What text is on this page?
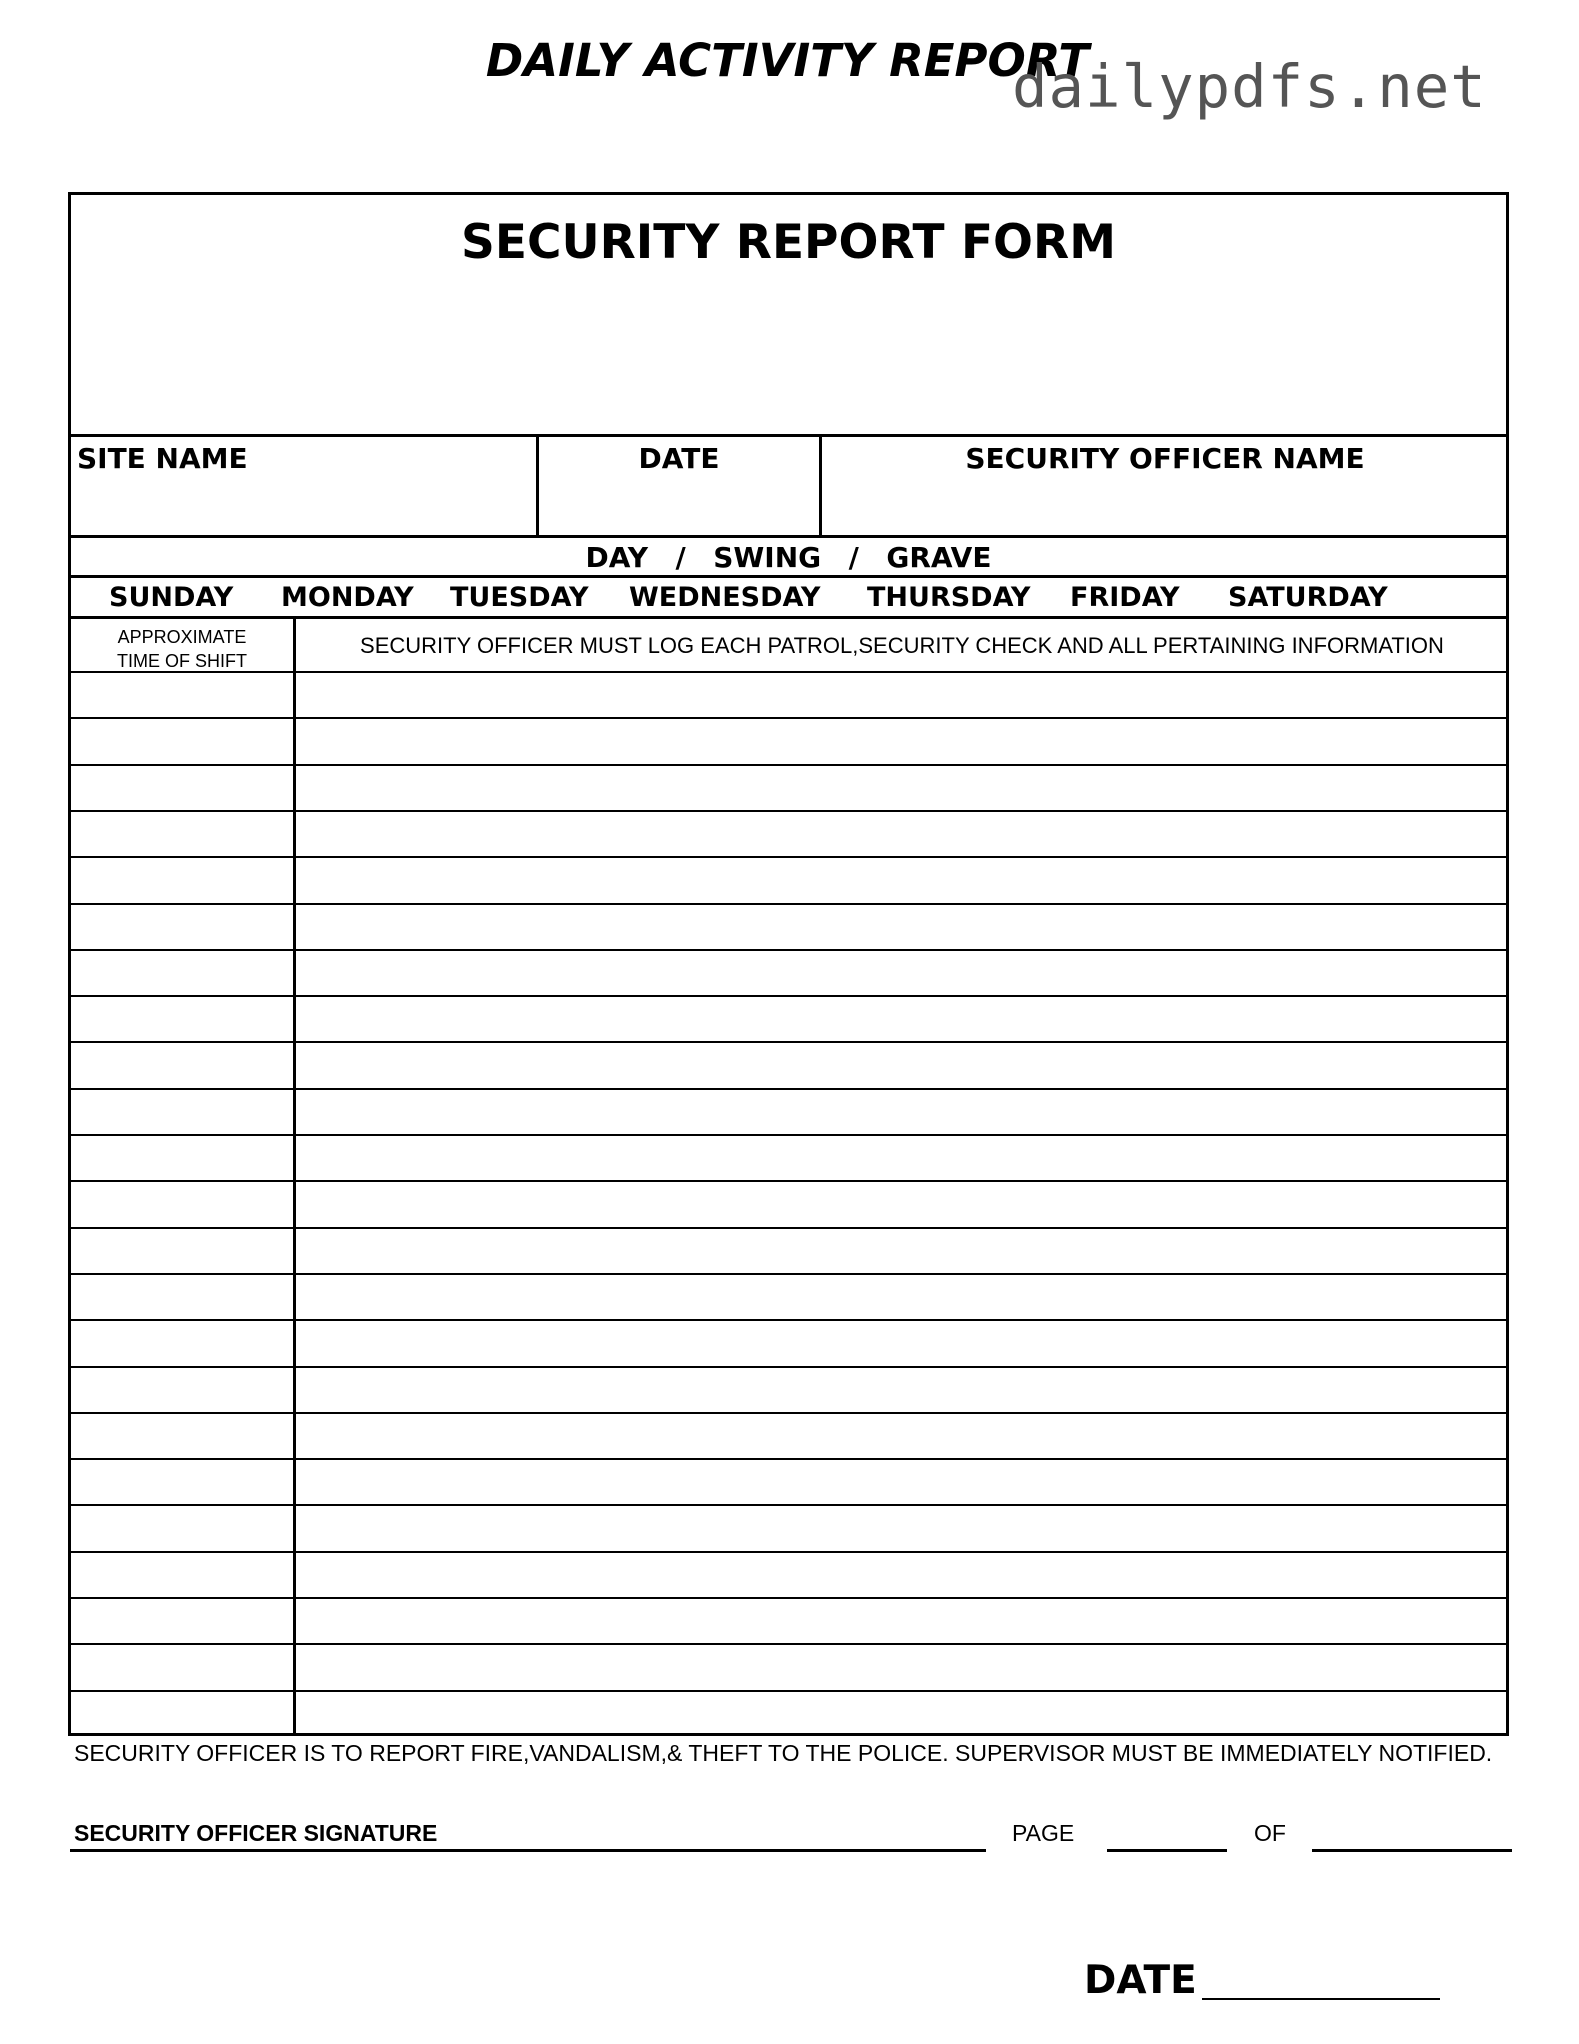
DAILY ACTIVITY REPORT
dailypdfs.net
SECURITY REPORT FORM
SITE NAME	DATE	SECURITY OFFICER NAME
DAY  /  SWING  /  GRAVE
SUNDAY MONDAY TUESDAY WEDNESDAY THURSDAY FRIDAY SATURDAY
APPROXIMATE
TIME OF SHIFT
SECURITY OFFICER MUST LOG EACH PATROL,SECURITY CHECK AND ALL PERTAINING INFORMATION
SECURITY OFFICER IS TO REPORT FIRE,VANDALISM,& THEFT TO THE POLICE. SUPERVISOR MUST BE IMMEDIATELY NOTIFIED.
SECURITY OFFICER SIGNATURE	PAGE	OF
DATE
